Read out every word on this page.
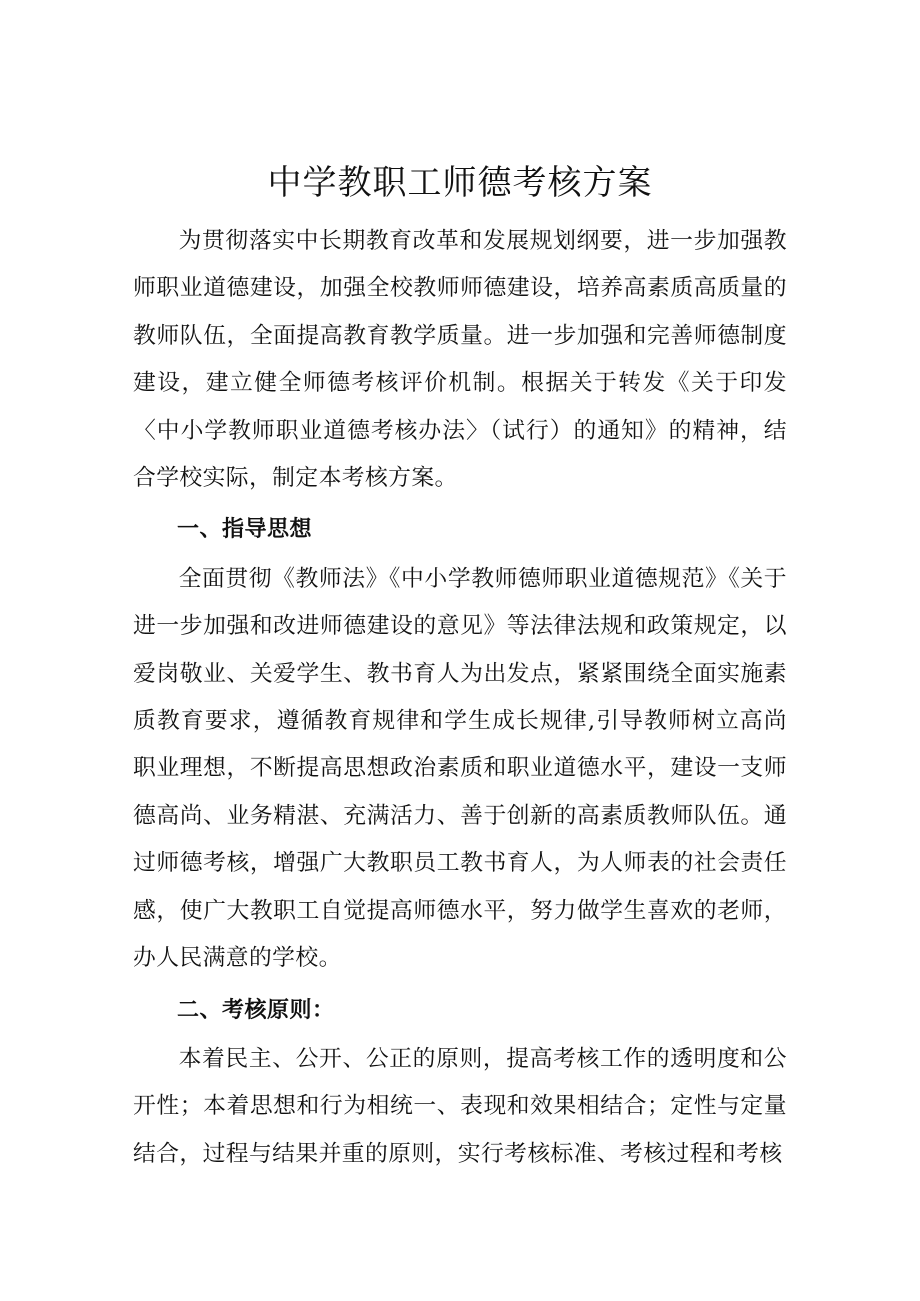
中学教职工师德考核方案

为贯彻落实中长期教育改革和发展规划纲要，进一步加强教师职业道德建设，加强全校教师师德建设，培养高素质高质量的教师队伍，全面提高教育教学质量。进一步加强和完善师德制度建设，建立健全师德考核评价机制。根据关于转发《关于印发〈中小学教师职业道德考核办法〉（试行）的通知》的精神，结合学校实际，制定本考核方案。

一、指导思想

全面贯彻《教师法》《中小学教师德师职业道德规范》《关于进一步加强和改进师德建设的意见》等法律法规和政策规定，以爱岗敬业、关爱学生、教书育人为出发点，紧紧围绕全面实施素质教育要求，遵循教育规律和学生成长规律,引导教师树立高尚职业理想，不断提高思想政治素质和职业道德水平，建设一支师德高尚、业务精湛、充满活力、善于创新的高素质教师队伍。通过师德考核，增强广大教职员工教书育人，为人师表的社会责任感，使广大教职工自觉提高师德水平，努力做学生喜欢的老师，办人民满意的学校。

二、考核原则：

本着民主、公开、公正的原则，提高考核工作的透明度和公开性；本着思想和行为相统一、表现和效果相结合；定性与定量结合，过程与结果并重的原则，实行考核标准、考核过程和考核
